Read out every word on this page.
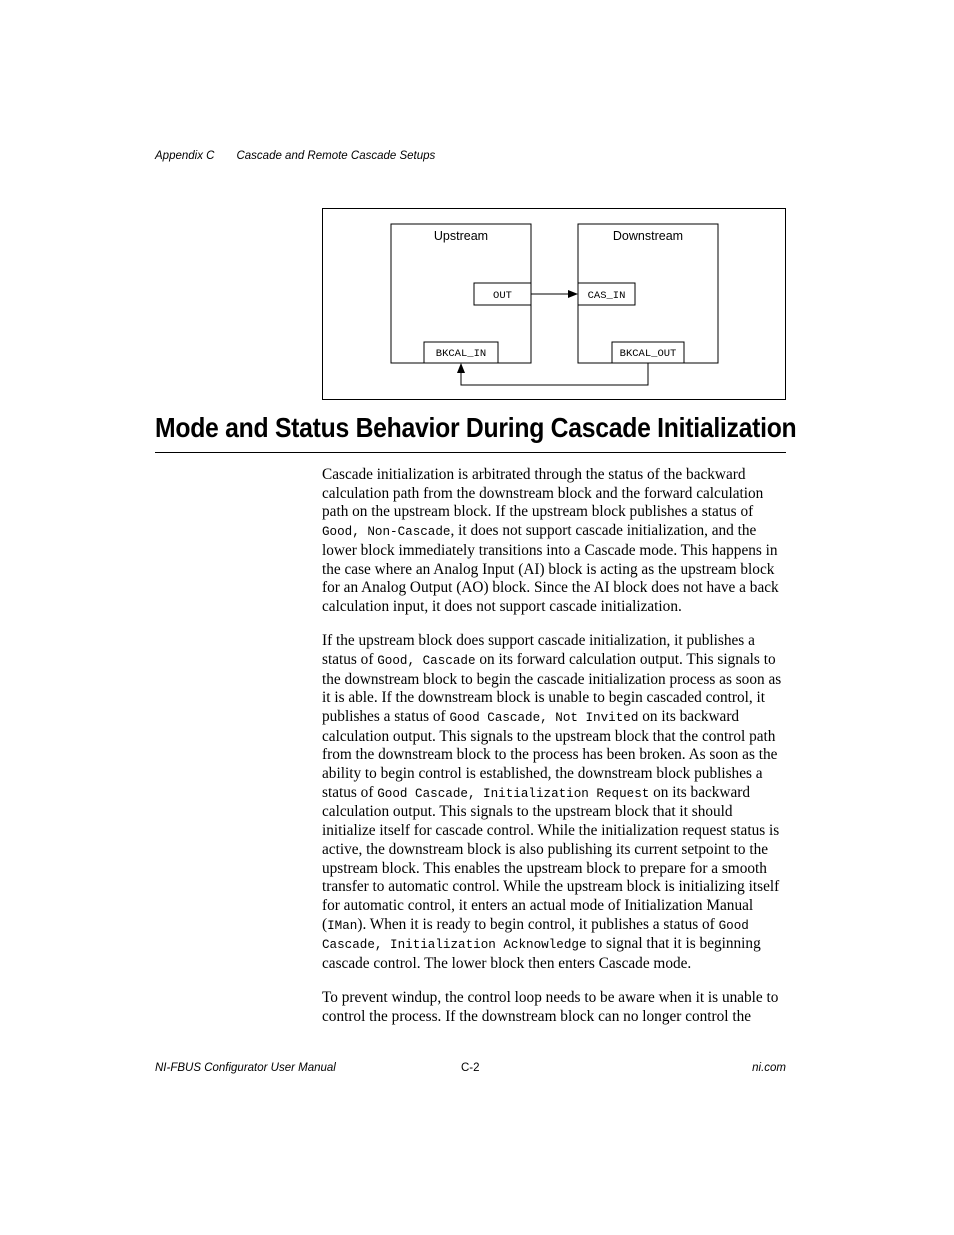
Appendix C Cascade and Remote Cascade Setups
Upstream	Downstream
OUT	CAS_IN
BKCAL_IN	BKCAL_OUT
Mode and Status Behavior During Cascade Initialization

Cascade initialization is arbitrated through the status of the backward calculation path from the downstream block and the forward calculation path on the upstream block. If the upstream block publishes a status of Good, Non-Cascade, it does not support cascade initialization, and the lower block immediately transitions into a Cascade mode. This happens in the case where an Analog Input (AI) block is acting as the upstream block for an Analog Output (AO) block. Since the AI block does not have a back calculation input, it does not support cascade initialization.

If the upstream block does support cascade initialization, it publishes a status of Good, Cascade on its forward calculation output. This signals to the downstream block to begin the cascade initialization process as soon as it is able. If the downstream block is unable to begin cascaded control, it publishes a status of Good Cascade, Not Invited on its backward calculation output. This signals to the upstream block that the control path from the downstream block to the process has been broken. As soon as the ability to begin control is established, the downstream block publishes a status of Good Cascade, Initialization Request on its backward calculation output. This signals to the upstream block that it should initialize itself for cascade control. While the initialization request status is active, the downstream block is also publishing its current setpoint to the upstream block. This enables the upstream block to prepare for a smooth transfer to automatic control. While the upstream block is initializing itself for automatic control, it enters an actual mode of Initialization Manual (IMan). When it is ready to begin control, it publishes a status of Good Cascade, Initialization Acknowledge to signal that it is beginning cascade control. The lower block then enters Cascade mode.

To prevent windup, the control loop needs to be aware when it is unable to control the process. If the downstream block can no longer control the

NI-FBUS Configurator User Manual	C-2	ni.com
